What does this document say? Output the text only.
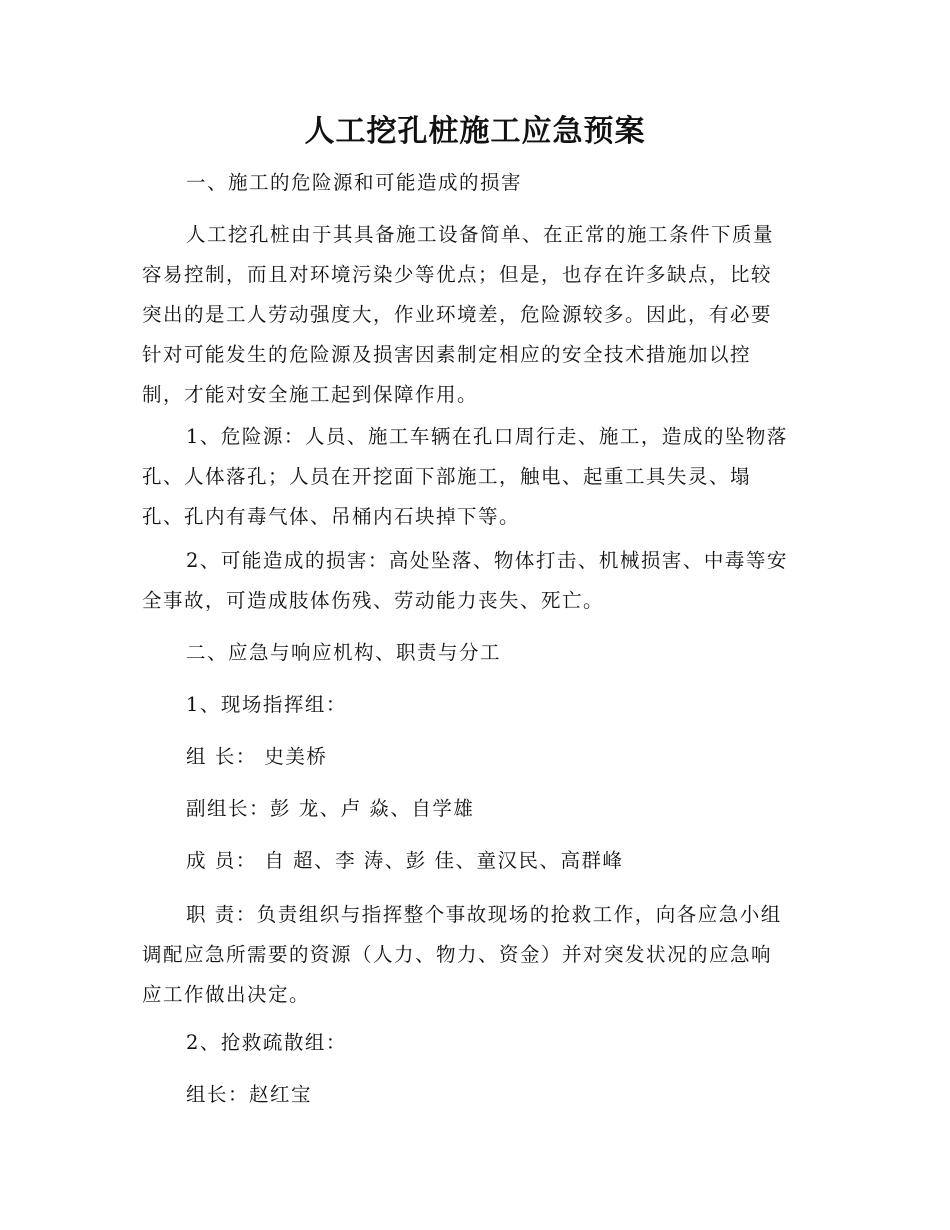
人工挖孔桩施工应急预案

一、施工的危险源和可能造成的损害

人工挖孔桩由于其具备施工设备简单、在正常的施工条件下质量
容易控制，而且对环境污染少等优点；但是，也存在许多缺点，比较
突出的是工人劳动强度大，作业环境差，危险源较多。因此，有必要
针对可能发生的危险源及损害因素制定相应的安全技术措施加以控
制，才能对安全施工起到保障作用。

1、危险源：人员、施工车辆在孔口周行走、施工，造成的坠物落
孔、人体落孔；人员在开挖面下部施工，触电、起重工具失灵、塌
孔、孔内有毒气体、吊桶内石块掉下等。

2、可能造成的损害：高处坠落、物体打击、机械损害、中毒等安
全事故，可造成肢体伤残、劳动能力丧失、死亡。

二、应急与响应机构、职责与分工

1、现场指挥组：

组 长： 史美桥

副组长：彭 龙、卢 焱、自学雄

成 员： 自 超、李 涛、彭 佳、童汉民、高群峰

职 责：负责组织与指挥整个事故现场的抢救工作，向各应急小组
调配应急所需要的资源（人力、物力、资金）并对突发状况的应急响
应工作做出决定。

2、抢救疏散组：

组长：赵红宝
